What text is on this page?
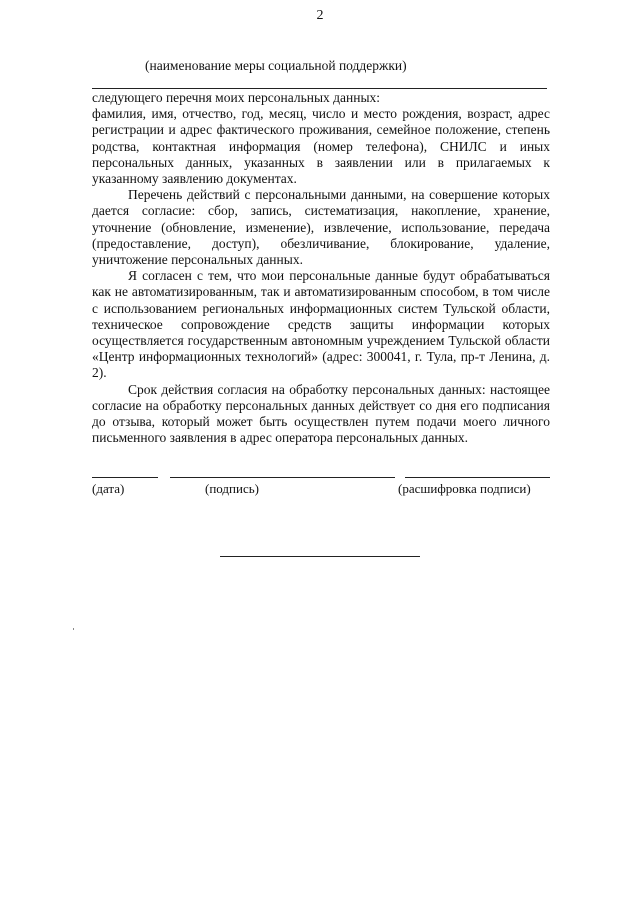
2
(наименование меры социальной поддержки)

следующего перечня моих персональных данных:

фамилия, имя, отчество, год, месяц, число и место рождения, возраст, адрес регистрации и адрес фактического проживания, семейное положение, степень родства, контактная информация (номер телефона), СНИЛС и иных персональных данных, указанных в заявлении или в прилагаемых к указанному заявлению документах.

Перечень действий с персональными данными, на совершение которых дается согласие: сбор, запись, систематизация, накопление, хранение, уточнение (обновление, изменение), извлечение, использование, передача (предоставление, доступ), обезличивание, блокирование, удаление, уничтожение персональных данных.

Я согласен с тем, что мои персональные данные будут обрабатываться как не автоматизированным, так и автоматизированным способом, в том числе с использованием региональных информационных систем Тульской области, техническое сопровождение средств защиты информации которых осуществляется государственным автономным учреждением Тульской области «Центр информационных технологий» (адрес: 300041, г. Тула, пр-т Ленина, д. 2).

Срок действия согласия на обработку персональных данных: настоящее согласие на обработку персональных данных действует со дня его подписания до отзыва, который может быть осуществлен путем подачи моего личного письменного заявления в адрес оператора персональных данных.

(дата)	(подпись)	(расшифровка подписи)
